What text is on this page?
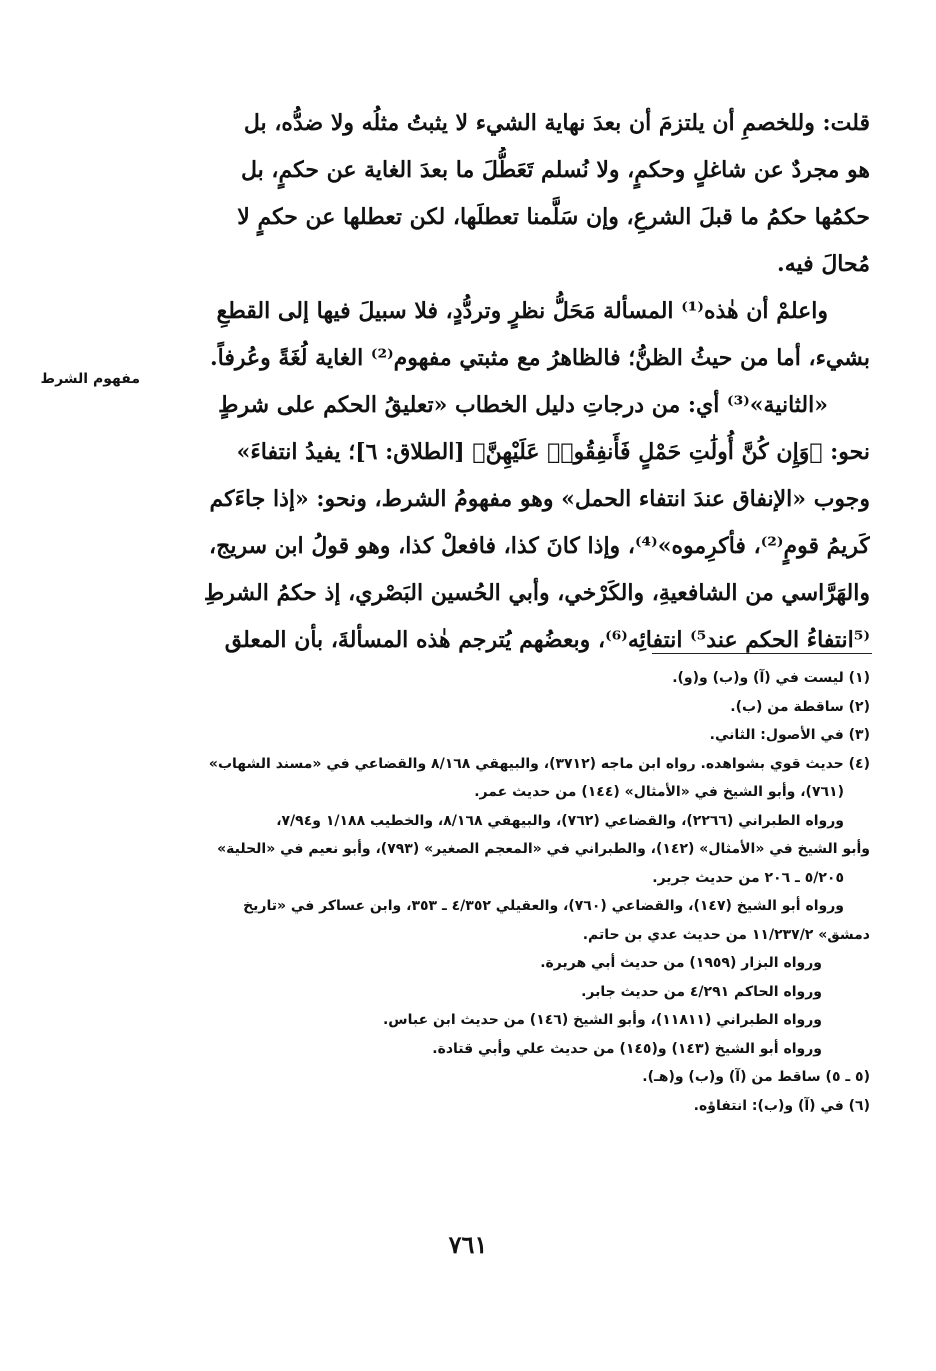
مفهوم الشرط
قلت: وللخصمِ أن يلتزمَ أن بعدَ نهاية الشيء لا يثبتُ مثلُه ولا ضدُّه، بل
هو مجردٌ عن شاغلٍ وحكمٍ، ولا نُسلم تَعَطُّلَ ما بعدَ الغاية عن حكمٍ، بل
حكمُها حكمُ ما قبلَ الشرعِ، وإن سَلَّمنا تعطلَها، لكن تعطلها عن حكمٍ لا
مُحالَ فيه.
واعلمْ أن هٰذه⁽¹⁾ المسألة مَحَلُّ نظرٍ وتردُّدٍ، فلا سبيلَ فيها إلى القطعِ
بشيء، أما من حيثُ الظنُّ؛ فالظاهرُ مع مثبتي مفهوم⁽²⁾ الغاية لُغَةً وعُرفاً.
«الثانية»⁽³⁾ أي: من درجاتِ دليل الخطاب «تعليقُ الحكم على شرطٍ
نحو: ﴿وَإِن كُنَّ أُولَٰتِ حَمْلٍ فَأَنفِقُوا۟ عَلَيْهِنَّ﴾ [الطلاق: ٦]؛ يفيدُ انتفاءَ»
وجوب «الإنفاق عندَ انتفاء الحمل» وهو مفهومُ الشرط، ونحو: «إذا جاءَكم
كَريمُ قومٍ⁽²⁾، فأكرِموه»⁽⁴⁾، وإذا كانَ كذا، فافعلْ كذا، وهو قولُ ابن سريج،
والهَرَّاسي من الشافعيةِ، والكَرْخي، وأبي الحُسين البَصْري، إذ حكمُ الشرطِ
⁽⁵انتفاءُ الحكم عند⁵⁾ انتفائِه⁽⁶⁾، وبعضُهم يُترجم هٰذه المسألةَ، بأن المعلق
(١) ليست في (آ) و(ب) و(و).
(٢) ساقطة من (ب).
(٣) في الأصول: الثاني.
(٤) حديث قوي بشواهده. رواه ابن ماجه (٣٧١٢)، والبيهقي ٨/١٦٨ والقضاعي في «مسند الشهاب»
(٧٦١)، وأبو الشيخ في «الأمثال» (١٤٤) من حديث عمر.
ورواه الطبراني (٢٢٦٦)، والقضاعي (٧٦٢)، والبيهقي ٨/١٦٨، والخطيب ١/١٨٨ و٧/٩٤،
وأبو الشيخ في «الأمثال» (١٤٢)، والطبراني في «المعجم الصغير» (٧٩٣)، وأبو نعيم في «الحلية»
٥/٢٠٥ ـ ٢٠٦ من حديث جرير.
ورواه أبو الشيخ (١٤٧)، والقضاعي (٧٦٠)، والعقيلي ٤/٣٥٢ ـ ٣٥٣، وابن عساكر في «تاريخ
دمشق» ١١/٢٣٧/٢ من حديث عدي بن حاتم.
ورواه البزار (١٩٥٩) من حديث أبي هريرة.
ورواه الحاكم ٤/٢٩١ من حديث جابر.
ورواه الطبراني (١١٨١١)، وأبو الشيخ (١٤٦) من حديث ابن عباس.
ورواه أبو الشيخ (١٤٣) و(١٤٥) من حديث علي وأبي قتادة.
(٥ ـ ٥) ساقط من (آ) و(ب) و(هـ).
(٦) في (آ) و(ب): انتفاؤه.
٧٦١
